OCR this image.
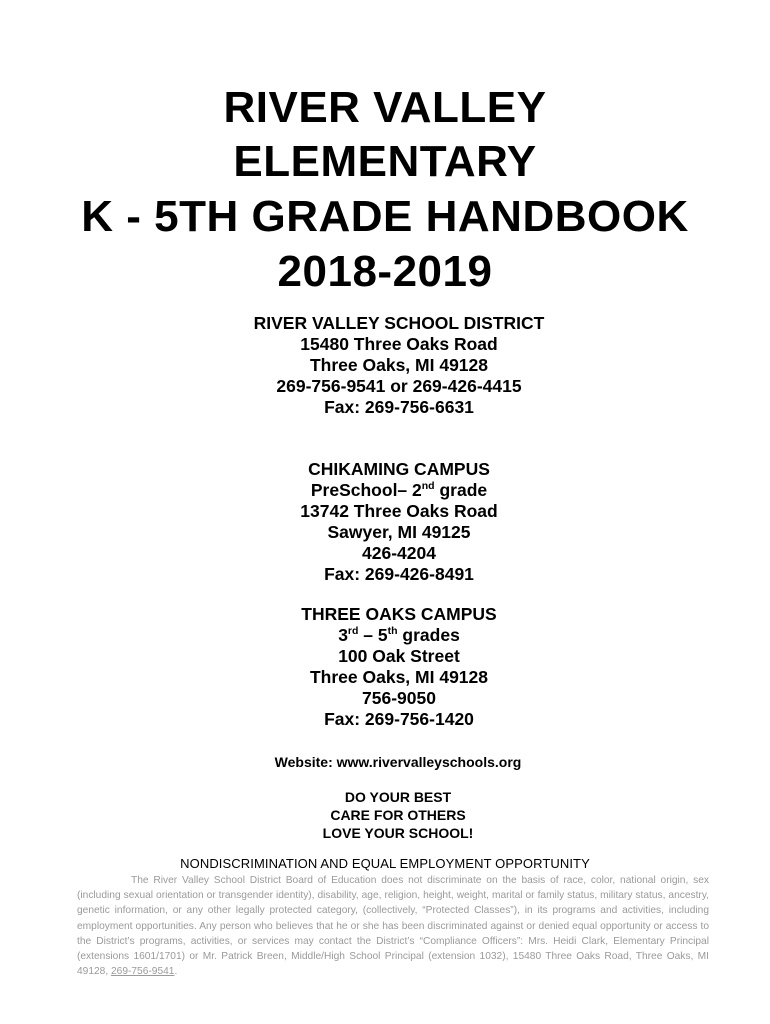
RIVER VALLEY
ELEMENTARY
K - 5TH GRADE HANDBOOK
2018-2019
RIVER VALLEY SCHOOL DISTRICT
15480 Three Oaks Road
Three Oaks, MI 49128
269-756-9541 or 269-426-4415
Fax: 269-756-6631
CHIKAMING CAMPUS
PreSchool– 2nd grade
13742 Three Oaks Road
Sawyer, MI 49125
426-4204
Fax: 269-426-8491
THREE OAKS CAMPUS
3rd – 5th grades
100 Oak Street
Three Oaks, MI 49128
756-9050
Fax: 269-756-1420
Website: www.rivervalleyschools.org
DO YOUR BEST
CARE FOR OTHERS
LOVE YOUR SCHOOL!
NONDISCRIMINATION AND EQUAL EMPLOYMENT OPPORTUNITY
The River Valley School District Board of Education does not discriminate on the basis of race, color, national origin, sex (including sexual orientation or transgender identity), disability, age, religion, height, weight, marital or family status, military status, ancestry, genetic information, or any other legally protected category, (collectively, “Protected Classes”), in its programs and activities, including employment opportunities. Any person who believes that he or she has been discriminated against or denied equal opportunity or access to the District’s programs, activities, or services may contact the District’s “Compliance Officers”: Mrs. Heidi Clark, Elementary Principal (extensions 1601/1701) or Mr. Patrick Breen, Middle/High School Principal (extension 1032), 15480 Three Oaks Road, Three Oaks, MI 49128, 269-756-9541.
